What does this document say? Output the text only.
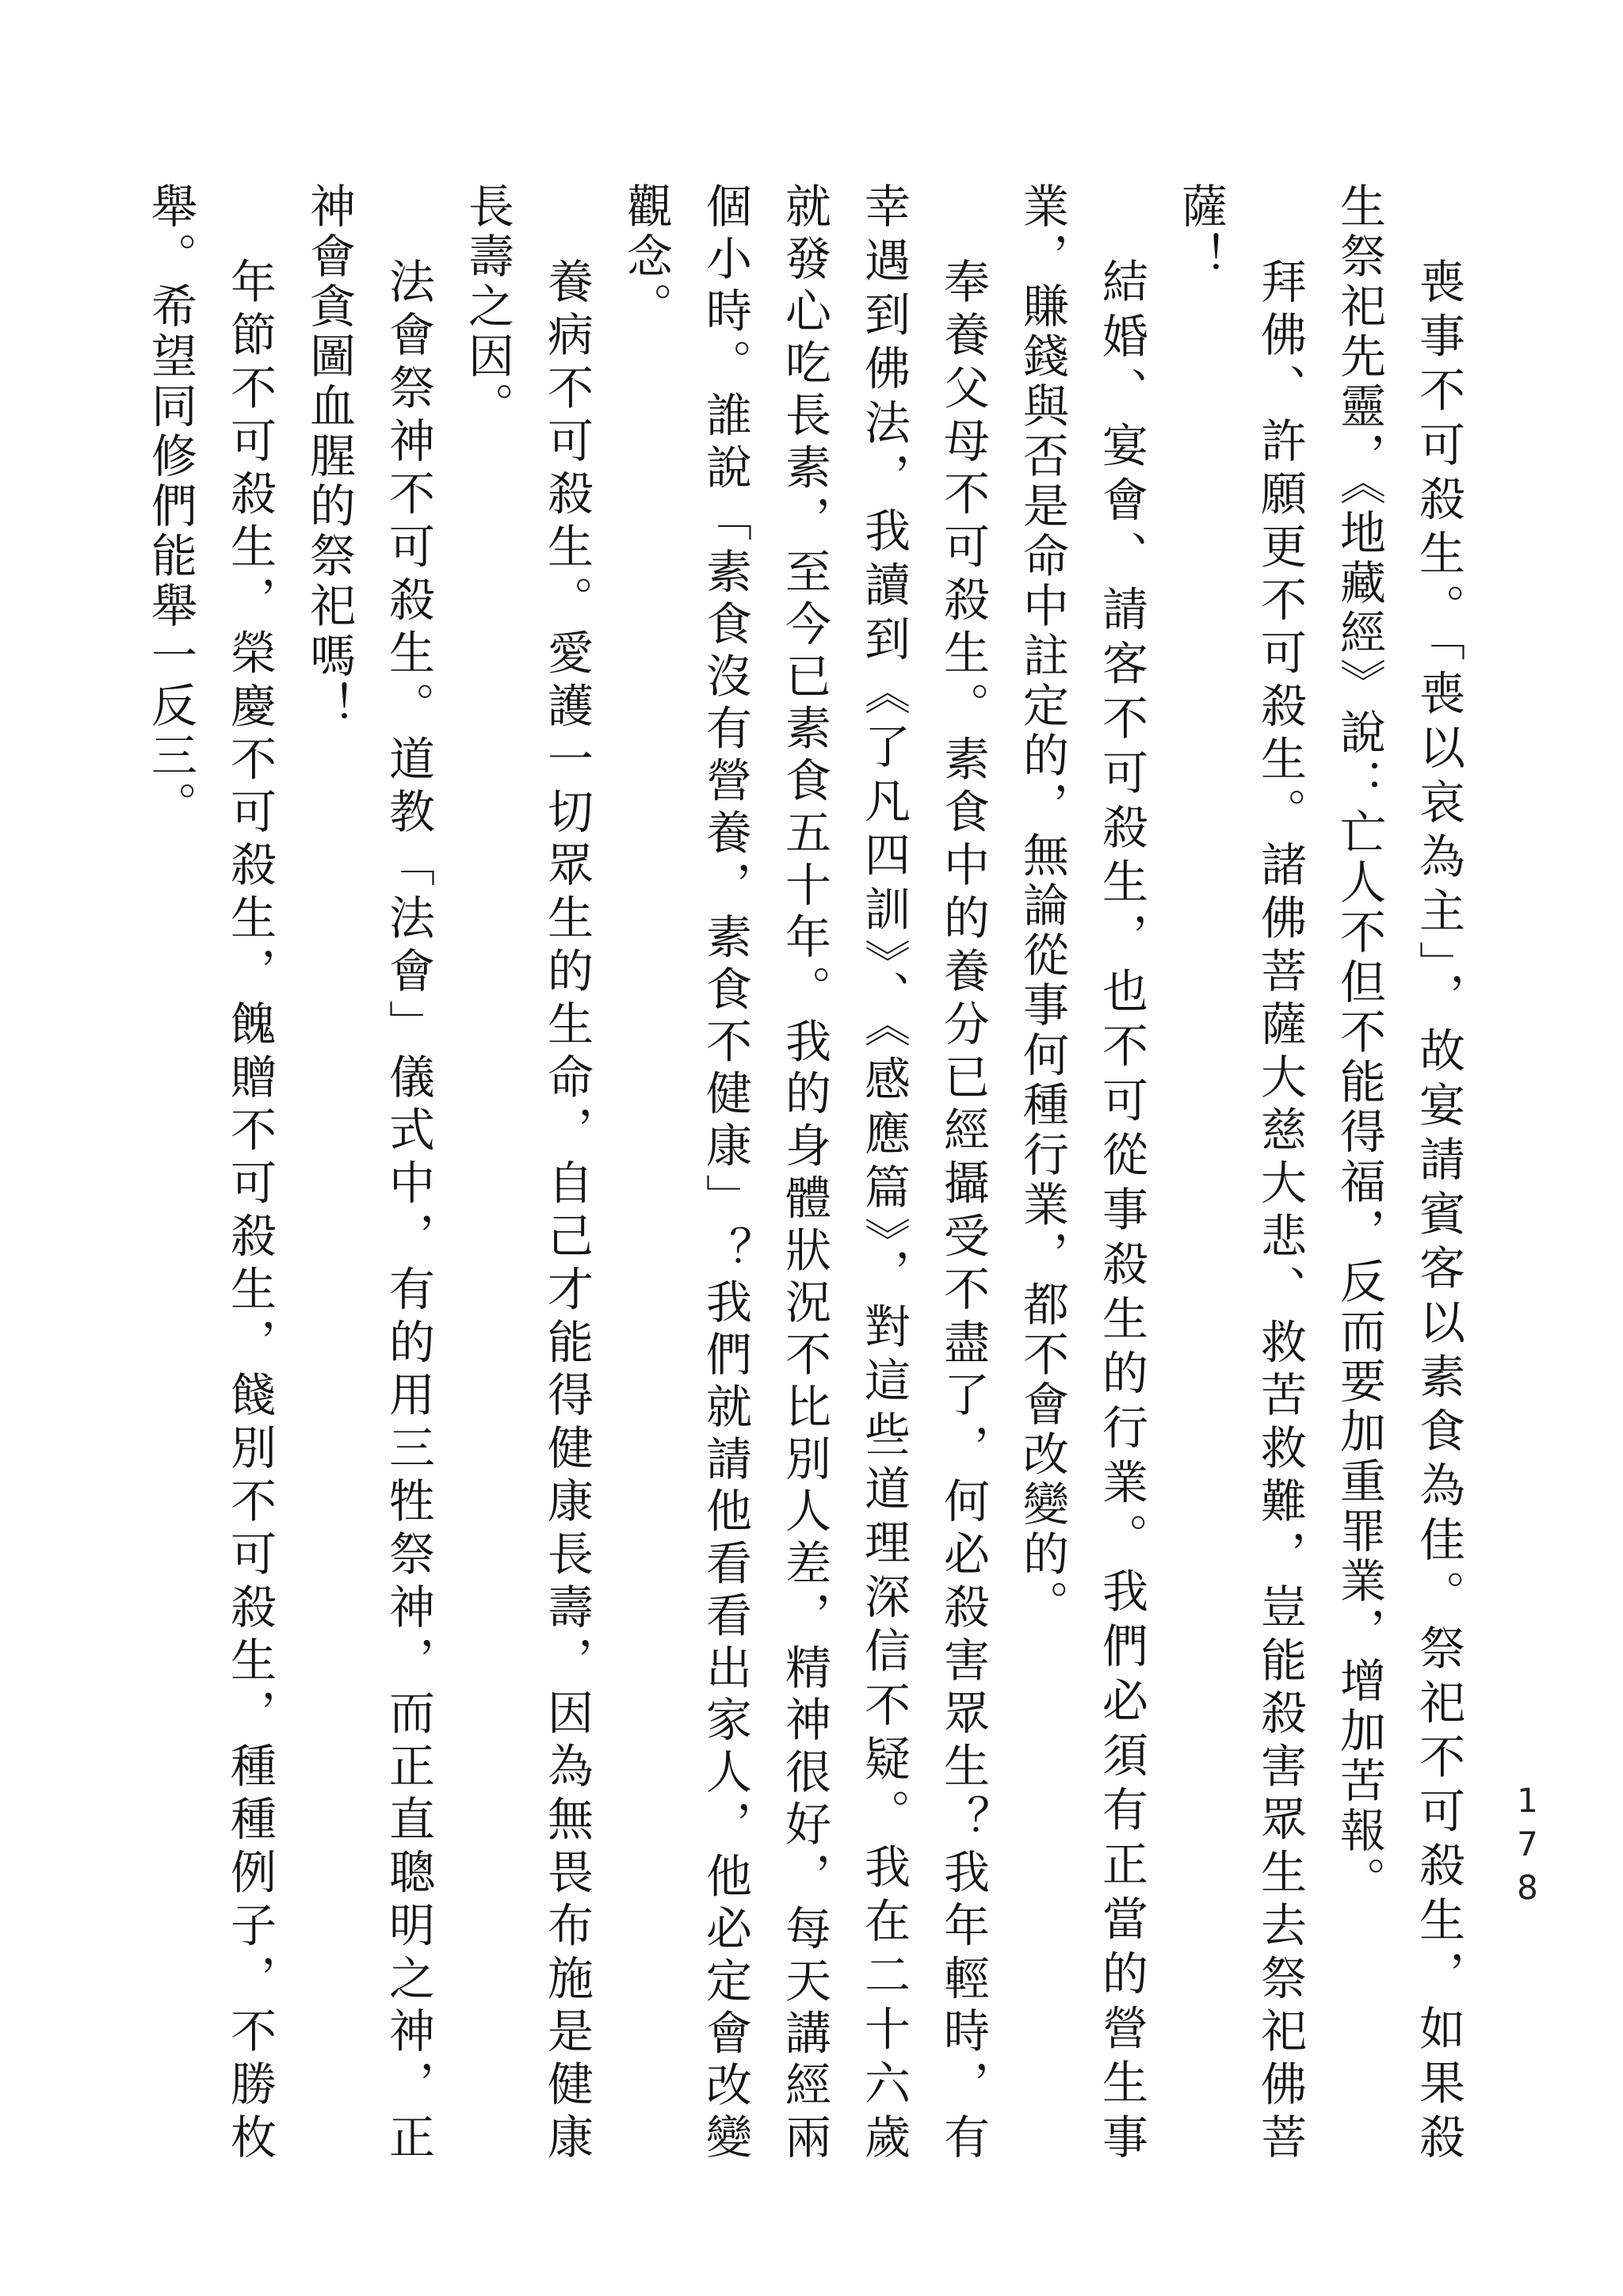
178
喪事不可殺生。「喪以哀為主」，故宴請賓客以素食為佳。祭祀不可殺生，如果殺
生祭祀先靈，《地藏經》說：亡人不但不能得福，反而要加重罪業，增加苦報。
拜佛、許願更不可殺生。諸佛菩薩大慈大悲、救苦救難，豈能殺害眾生去祭祀佛菩
薩！
結婚、宴會、請客不可殺生，也不可從事殺生的行業。我們必須有正當的營生事
業，賺錢與否是命中註定的，無論從事何種行業，都不會改變的。
奉養父母不可殺生。素食中的養分已經攝受不盡了，何必殺害眾生？我年輕時，有
幸遇到佛法，我讀到《了凡四訓》、《感應篇》，對這些道理深信不疑。我在二十六歲
就發心吃長素，至今已素食五十年。我的身體狀況不比別人差，精神很好，每天講經兩
個小時。誰說「素食沒有營養，素食不健康」？我們就請他看看出家人，他必定會改變
觀念。
養病不可殺生。愛護一切眾生的生命，自己才能得健康長壽，因為無畏布施是健康
長壽之因。
法會祭神不可殺生。道教「法會」儀式中，有的用三牲祭神，而正直聰明之神，正
神會貪圖血腥的祭祀嗎！
年節不可殺生，榮慶不可殺生，餽贈不可殺生，餞別不可殺生，種種例子，不勝枚
舉。希望同修們能舉一反三。
